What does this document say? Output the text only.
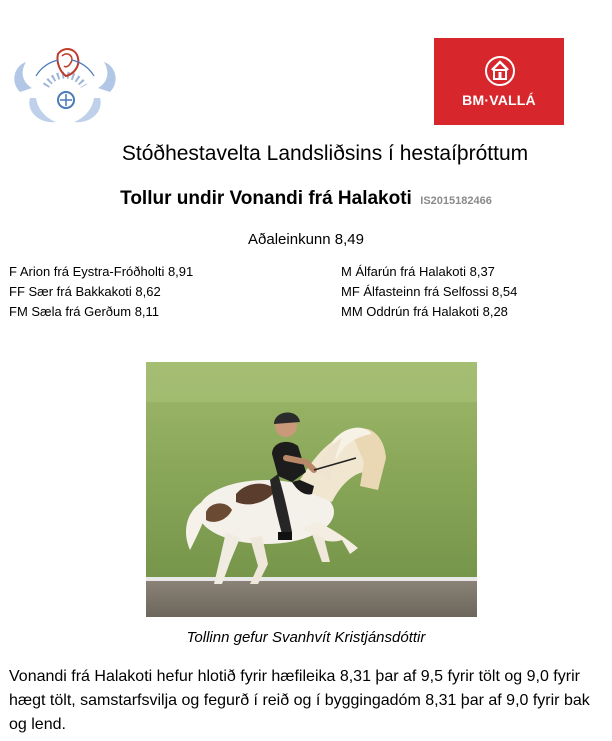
BM·VALLÁ
Stóðhestavelta Landsliðsins í hestaíþróttum
Tollur undir Vonandi frá Halakoti IS2015182466
Aðaleinkunn 8,49
F Arion frá Eystra-Fróðholti 8,91
FF Sær frá Bakkakoti 8,62
FM Sæla frá Gerðum 8,11
M Álfarún frá Halakoti 8,37
MF Álfasteinn frá Selfossi 8,54
MM Oddrún frá Halakoti 8,28
Tollinn gefur Svanhvít Kristjánsdóttir
Vonandi frá Halakoti hefur hlotið fyrir hæfileika 8,31 þar af 9,5 fyrir tölt og 9,0 fyrir hægt tölt, samstarfsvilja og fegurð í reið og í byggingadóm 8,31 þar af 9,0 fyrir bak og lend.
